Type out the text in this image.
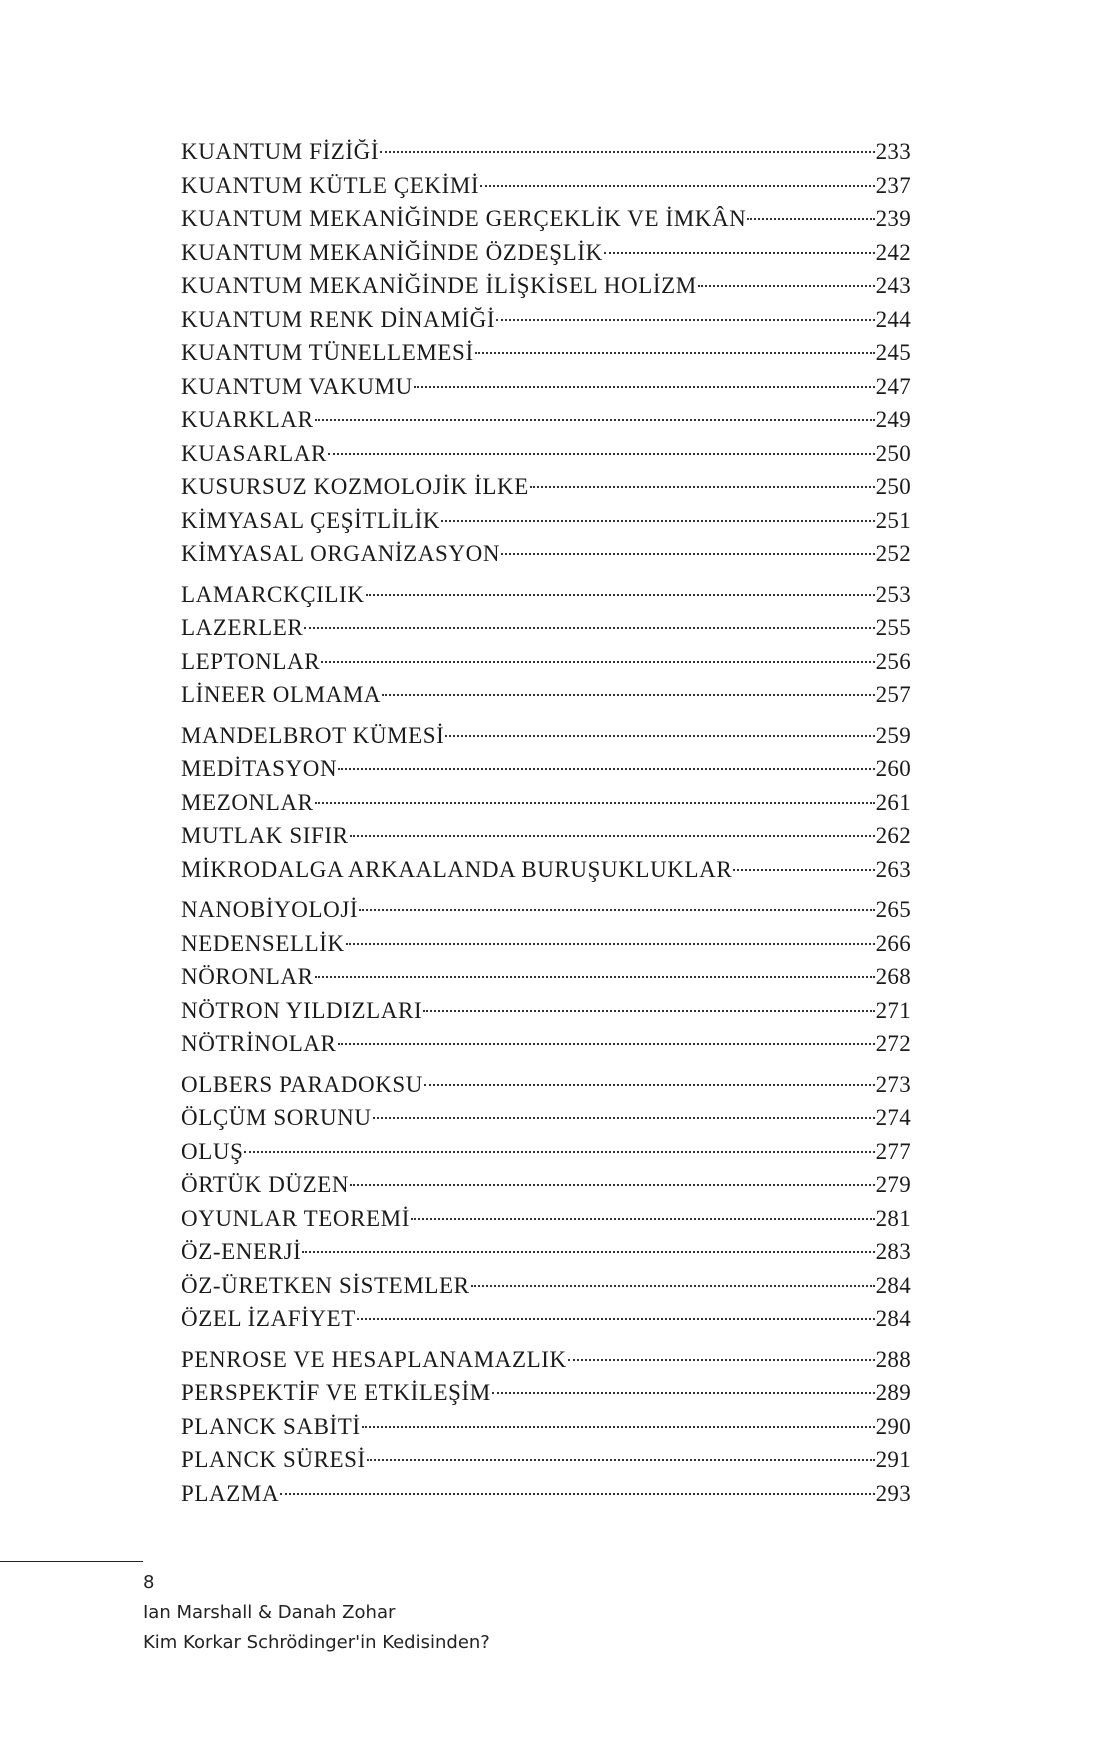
KUANTUM FİZİĞİ	233
KUANTUM KÜTLE ÇEKİMİ	237
KUANTUM MEKANİĞİNDE GERÇEKLİK VE İMKÂN	239
KUANTUM MEKANİĞİNDE ÖZDEŞLİK	242
KUANTUM MEKANİĞİNDE İLİŞKİSEL HOLİZM	243
KUANTUM RENK DİNAMİĞİ	244
KUANTUM TÜNELLEMESİ	245
KUANTUM VAKUMU	247
KUARKLAR	249
KUASARLAR	250
KUSURSUZ KOZMOLOJİK İLKE	250
KİMYASAL ÇEŞİTLİLİK	251
KİMYASAL ORGANİZASYON	252
LAMARCKÇILIK	253
LAZERLER	255
LEPTONLAR	256
LİNEER OLMAMA	257
MANDELBROT KÜMESİ	259
MEDİTASYON	260
MEZONLAR	261
MUTLAK SIFIR	262
MİKRODALGA ARKAALANDA BURUŞUKLUKLAR	263
NANOBİYOLOJİ	265
NEDENSELLİK	266
NÖRONLAR	268
NÖTRON YILDIZLARI	271
NÖTRİNOLAR	272
OLBERS PARADOKSU	273
ÖLÇÜM SORUNU	274
OLUŞ	277
ÖRTÜK DÜZEN	279
OYUNLAR TEOREMİ	281
ÖZ-ENERJİ	283
ÖZ-ÜRETKEN SİSTEMLER	284
ÖZEL İZAFİYET	284
PENROSE VE HESAPLANAMAZLIK	288
PERSPEKTİF VE ETKİLEŞİM	289
PLANCK SABİTİ	290
PLANCK SÜRESİ	291
PLAZMA	293
8
Ian Marshall & Danah Zohar
Kim Korkar Schrödinger'in Kedisinden?
